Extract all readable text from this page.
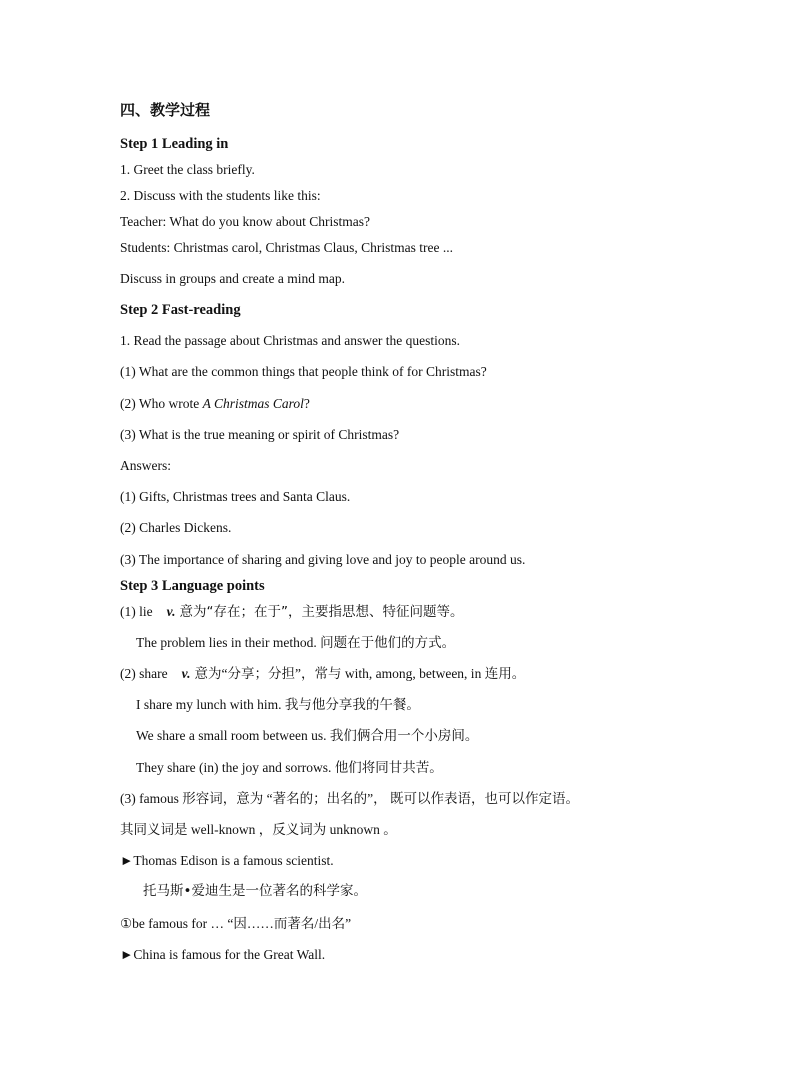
四、教学过程
Step 1 Leading in
1. Greet the class briefly.
2. Discuss with the students like this:
Teacher: What do you know about Christmas?
Students: Christmas carol, Christmas Claus, Christmas tree ...
Discuss in groups and create a mind map.
Step 2 Fast-reading
1. Read the passage about Christmas and answer the questions.
(1) What are the common things that people think of for Christmas?
(2) Who wrote A Christmas Carol?
(3) What is the true meaning or spirit of Christmas?
Answers:
(1) Gifts, Christmas trees and Santa Claus.
(2) Charles Dickens.
(3) The importance of sharing and giving love and joy to people around us.
Step 3 Language points
(1) lie v. 意为“存在；在于”，主要指思想、特征问题等。
The problem lies in their method. 问题在于他们的方式。
(2) share v. 意为“分享；分担”，常与 with, among, between, in 连用。
I share my lunch with him. 我与他分享我的午餐。
We share a small room between us. 我们俩合用一个小房间。
They share (in) the joy and sorrows. 他们将同甘共苦。
(3) famous 形容词，意为 “著名的；出名的”， 既可以作表语，也可以作定语。
其同义词是 well-known ，反义词为 unknown 。
►Thomas Edison is a famous scientist.
托马斯•爱迪生是一位著名的科学家。
①be famous for … “因……而著名/出名”
►China is famous for the Great Wall.
